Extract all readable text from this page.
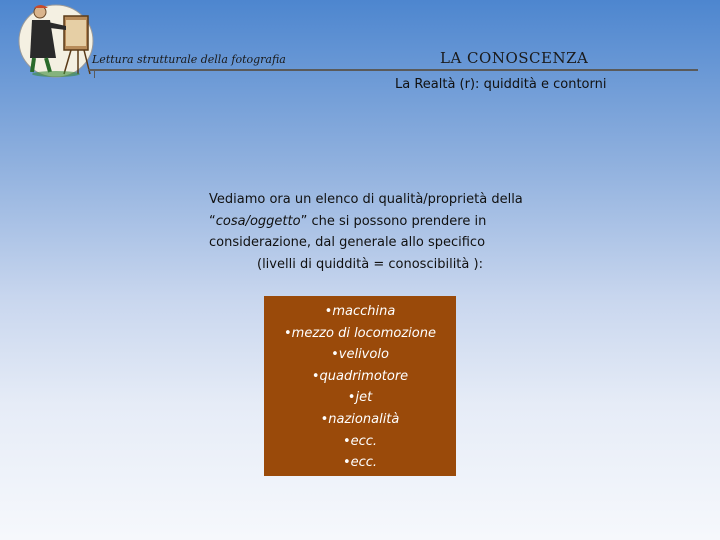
Lettura strutturale della fotografia	LA CONOSCENZA
La Realtà (r): quiddità e contorni
Vediamo ora un elenco di qualità/proprietà della “cosa/oggetto” che si possono prendere in considerazione, dal generale allo specifico
(livelli di quiddità = conoscibilità ):
• macchina
• mezzo di locomozione
• velivolo
• quadrimotore
• jet
• nazionalità
• ecc.
• ecc.
